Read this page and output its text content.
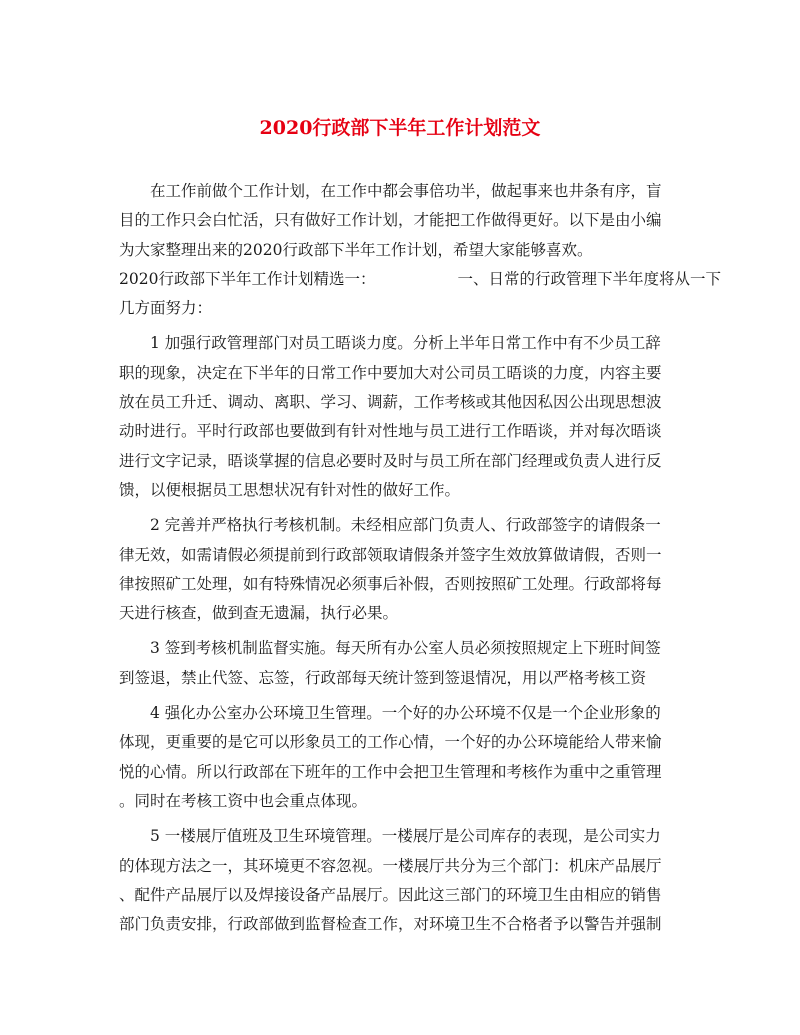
2020行政部下半年工作计划范文

在工作前做个工作计划，在工作中都会事倍功半，做起事来也井条有序，盲
目的工作只会白忙活，只有做好工作计划，才能把工作做得更好。以下是由小编
为大家整理出来的2020行政部下半年工作计划，希望大家能够喜欢。

2020行政部下半年工作计划精选一：	一、日常的行政管理下半年度将从一下
几方面努力：

1 加强行政管理部门对员工晤谈力度。分析上半年日常工作中有不少员工辞
职的现象，决定在下半年的日常工作中要加大对公司员工晤谈的力度，内容主要
放在员工升迁、调动、离职、学习、调薪，工作考核或其他因私因公出现思想波
动时进行。平时行政部也要做到有针对性地与员工进行工作晤谈，并对每次晤谈
进行文字记录，晤谈掌握的信息必要时及时与员工所在部门经理或负责人进行反
馈，以便根据员工思想状况有针对性的做好工作。

2 完善并严格执行考核机制。未经相应部门负责人、行政部签字的请假条一
律无效，如需请假必须提前到行政部领取请假条并签字生效放算做请假，否则一
律按照矿工处理，如有特殊情况必须事后补假，否则按照矿工处理。行政部将每
天进行核查，做到查无遗漏，执行必果。

3 签到考核机制监督实施。每天所有办公室人员必须按照规定上下班时间签
到签退，禁止代签、忘签，行政部每天统计签到签退情况，用以严格考核工资

4 强化办公室办公环境卫生管理。一个好的办公环境不仅是一个企业形象的
体现，更重要的是它可以形象员工的工作心情，一个好的办公环境能给人带来愉
悦的心情。所以行政部在下班年的工作中会把卫生管理和考核作为重中之重管理
。同时在考核工资中也会重点体现。

5 一楼展厅值班及卫生环境管理。一楼展厅是公司库存的表现，是公司实力
的体现方法之一，其环境更不容忽视。一楼展厅共分为三个部门：机床产品展厅
、配件产品展厅以及焊接设备产品展厅。因此这三部门的环境卫生由相应的销售
部门负责安排，行政部做到监督检查工作，对环境卫生不合格者予以警告并强制
